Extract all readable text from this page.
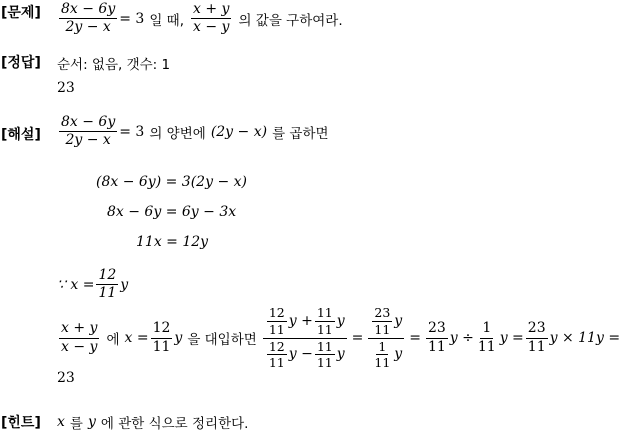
[문제] $\frac{8x - 6y}{2y - x} = 3$ 일 때, $\frac{x + y}{x - y}$ 의 값을 구하여라.
[정답] 순서: 없음, 갯수: 1
23
[해설] $\frac{8x - 6y}{2y - x} = 3$ 의 양변에 (2y − x) 를 곱하면
(8x − 6y) = 3(2y − x)
8x − 6y = 6y − 3x
11x = 12y
∵ $x = \frac{12}{11}$ y
$\frac{x + y}{x - y}$ 에 $x = \frac{12}{11}$ y 을 대입하면
$\frac{12}{11}$ $y + \frac{11}{11}$ y
$\frac{12}{11}$ $y - \frac{11}{11}$ y
= $\frac{\frac{23}{11} y}{\frac{1}{11} y} = \frac{23}{11}$ $y \div \frac{1}{11}$ $y = \frac{23}{11}$ y × 11y =
23
[힌트] x 를 y 에 관한 식으로 정리한다.
